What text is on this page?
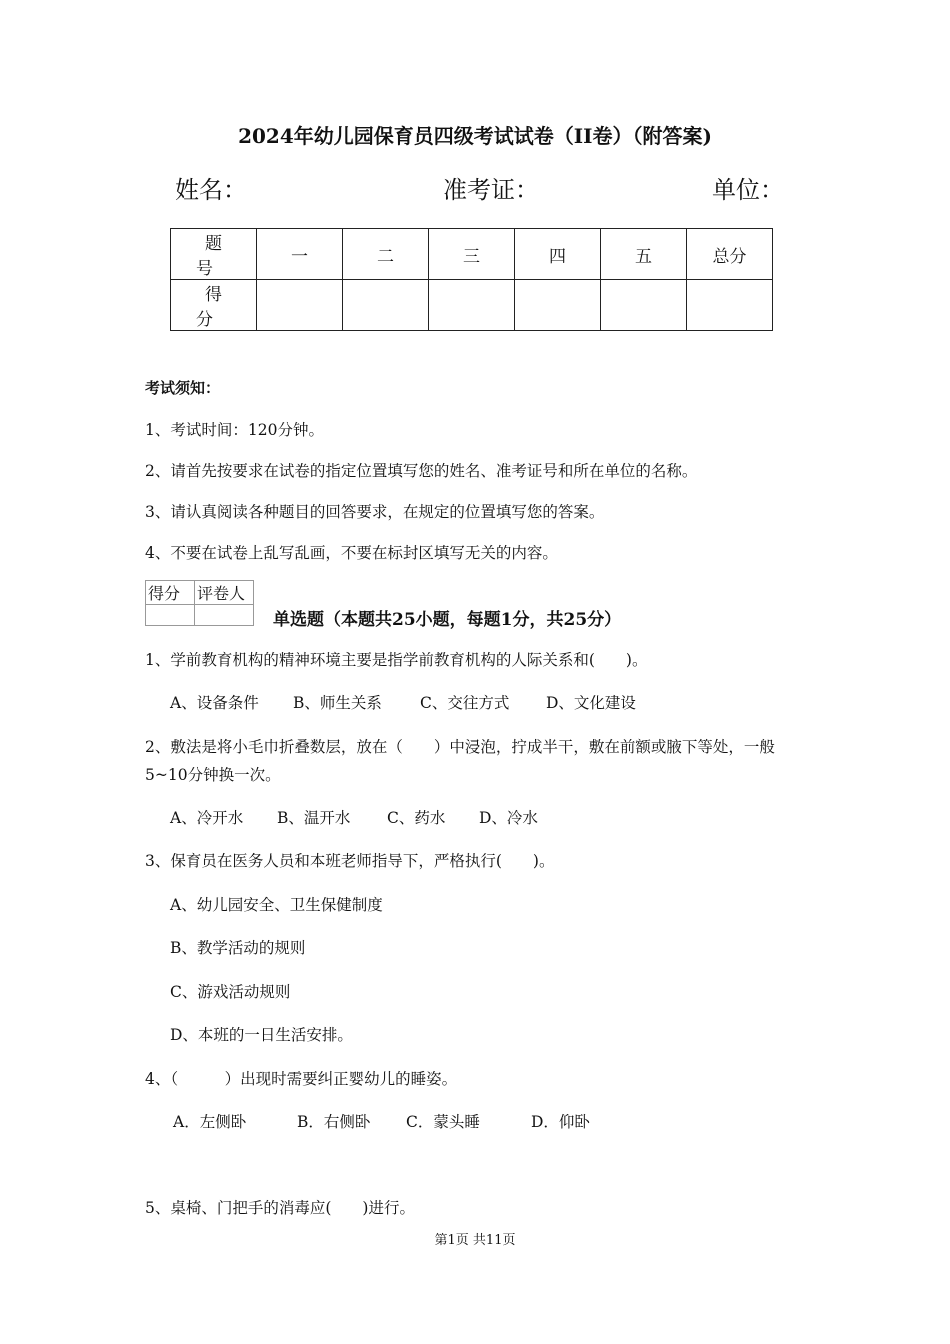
2024年幼儿园保育员四级考试试卷（II卷）（附答案)
姓名：	准考证：	单位：
题 号	一	二	三	四	五	总分
得 分						
考试须知：
1、考试时间：120分钟。
2、请首先按要求在试卷的指定位置填写您的姓名、准考证号和所在单位的名称。
3、请认真阅读各种题目的回答要求，在规定的位置填写您的答案。
4、不要在试卷上乱写乱画，不要在标封区填写无关的内容。
得分	评卷人

单选题（本题共25小题，每题1分，共25分）
1、学前教育机构的精神环境主要是指学前教育机构的人际关系和(　　)。
A、设备条件 B、师生关系 C、交往方式 D、文化建设
2、敷法是将小毛巾折叠数层，放在（　　）中浸泡，拧成半干，敷在前额或腋下等处，一般
5~10分钟换一次。
A、冷开水 B、温开水 C、药水 D、冷水
3、保育员在医务人员和本班老师指导下，严格执行(　　)。
A、幼儿园安全、卫生保健制度
B、教学活动的规则
C、游戏活动规则
D、本班的一日生活安排。
4、（　　　）出现时需要纠正婴幼儿的睡姿。
A．左侧卧	B．右侧卧 C．蒙头睡	D．仰卧
5、桌椅、门把手的消毒应(　　)进行。
第1页 共11页
